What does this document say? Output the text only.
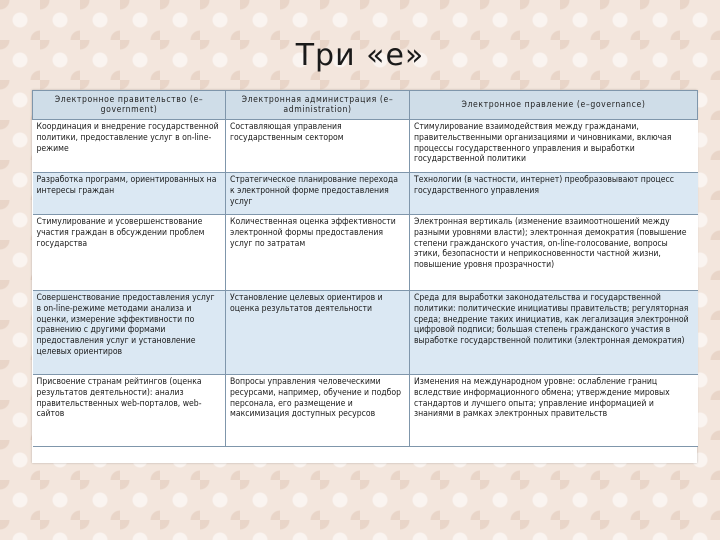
Три «е»
Электронное правительство (e–government)	Электронная администрация (e–administration)	Электронное правление (e–governance)
Координация и внедрение государственной политики, предоставление услуг в on-line-режиме	Составляющая управления государственным сектором	Стимулирование взаимодействия между гражданами, правительственными организациями и чиновниками, включая процессы государственного управления и выработки государственной политики
Разработка программ, ориентированных на интересы граждан	Стратегическое планирование перехода к электронной форме предоставления услуг	Технологии (в частности, интернет) преобразовывают процесс государственного управления
Стимулирование и усовершенствование участия граждан в обсуждении проблем государства	Количественная оценка эффективности электронной формы предоставления услуг по затратам	Электронная вертикаль (изменение взаимоотношений между разными уровнями власти); электронная демократия (повышение степени гражданского участия, on-line-голосование, вопросы этики, безопасности и неприкосновенности частной жизни, повышение уровня прозрачности)
Совершенствование предоставления услуг в on-line-режиме методами анализа и оценки, измерение эффективности по сравнению с другими формами предоставления услуг и установление целевых ориентиров	Установление целевых ориентиров и оценка результатов деятельности	Среда для выработки законодательства и государственной политики: политические инициативы правительств; регуляторная среда; внедрение таких инициатив, как легализация электронной цифровой подписи; большая степень гражданского участия в выработке государственной политики (электронная демократия)
Присвоение странам рейтингов (оценка результатов деятельности): анализ правительственных web-порталов, web-сайтов	Вопросы управления человеческими ресурсами, например, обучение и подбор персонала, его размещение и максимизация доступных ресурсов	Изменения на международном уровне: ослабление границ вследствие информационного обмена; утверждение мировых стандартов и лучшего опыта; управление информацией и знаниями в рамках электронных правительств
